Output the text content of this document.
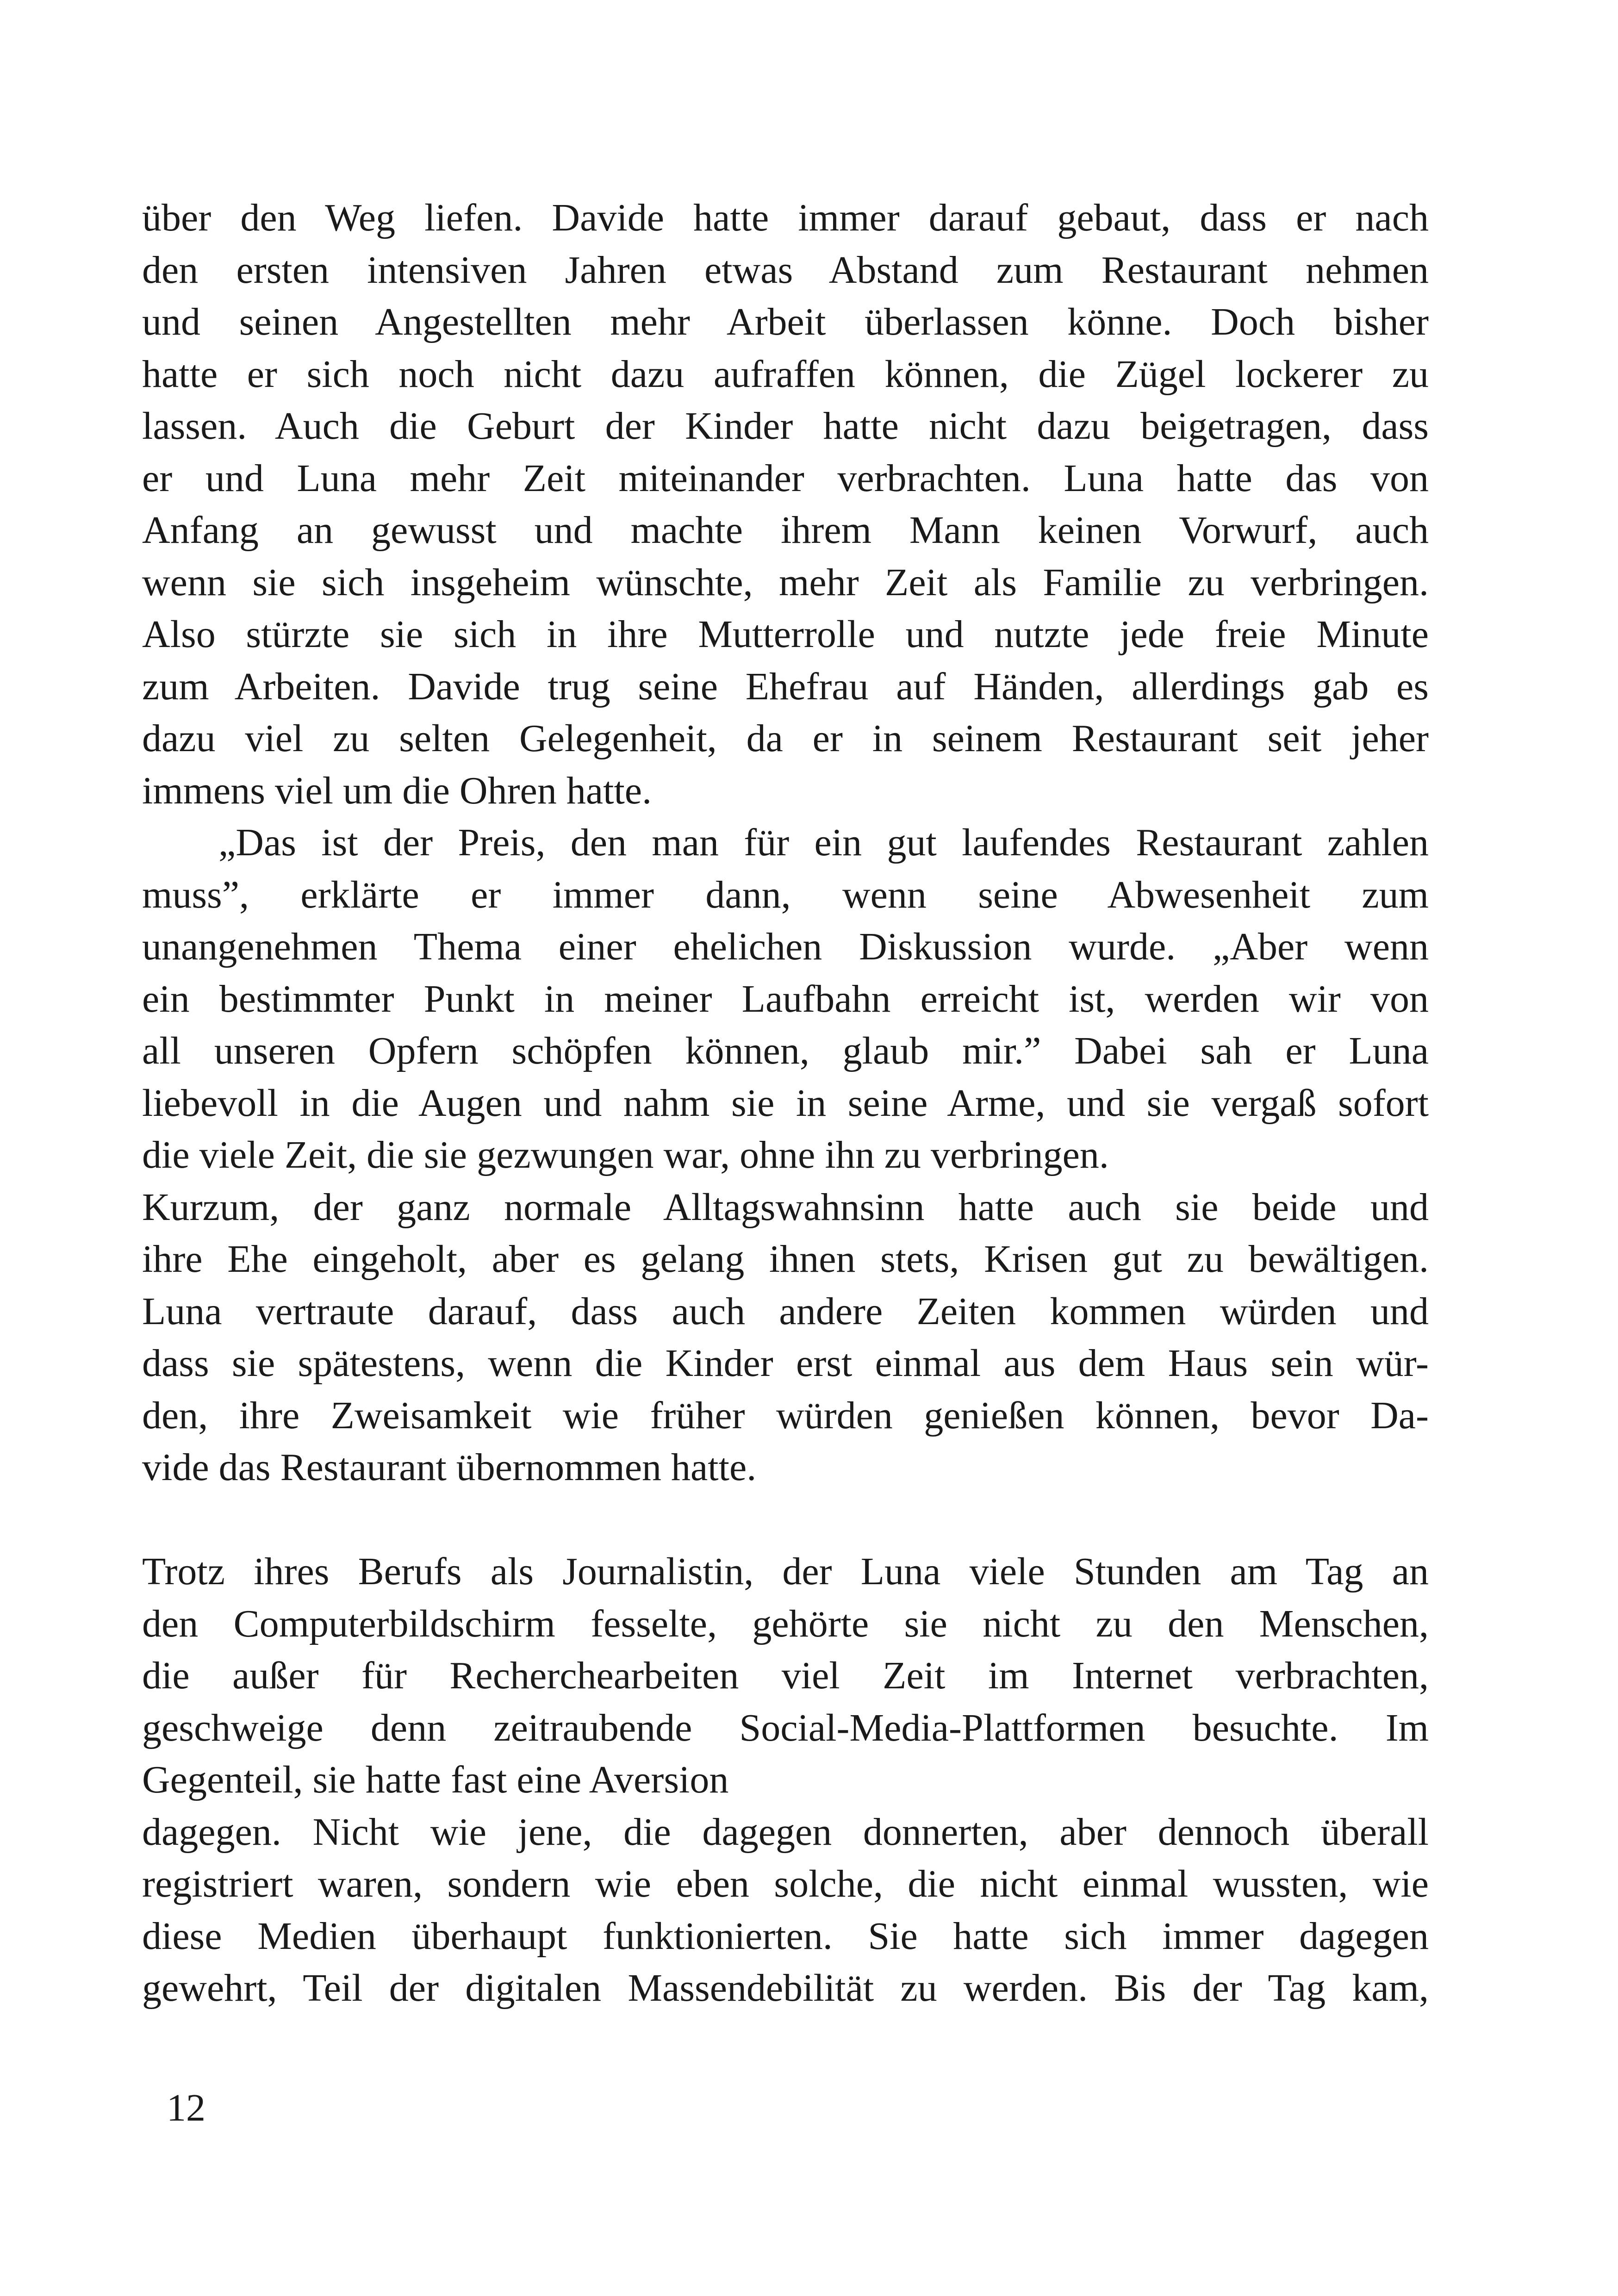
über den Weg liefen. Davide hatte immer darauf gebaut, dass er nach
den ersten intensiven Jahren etwas Abstand zum Restaurant nehmen
und seinen Angestellten mehr Arbeit überlassen könne. Doch bisher
hatte er sich noch nicht dazu aufraffen können, die Zügel lockerer zu
lassen. Auch die Geburt der Kinder hatte nicht dazu beigetragen, dass
er und Luna mehr Zeit miteinander verbrachten. Luna hatte das von
Anfang an gewusst und machte ihrem Mann keinen Vorwurf, auch
wenn sie sich insgeheim wünschte, mehr Zeit als Familie zu verbringen.
Also stürzte sie sich in ihre Mutterrolle und nutzte jede freie Minute
zum Arbeiten. Davide trug seine Ehefrau auf Händen, allerdings gab es
dazu viel zu selten Gelegenheit, da er in seinem Restaurant seit jeher
immens viel um die Ohren hatte.
„Das ist der Preis, den man für ein gut laufendes Restaurant zahlen
muss”, erklärte er immer dann, wenn seine Abwesenheit zum
unangenehmen Thema einer ehelichen Diskussion wurde. „Aber wenn
ein bestimmter Punkt in meiner Laufbahn erreicht ist, werden wir von
all unseren Opfern schöpfen können, glaub mir.” Dabei sah er Luna
liebevoll in die Augen und nahm sie in seine Arme, und sie vergaß sofort
die viele Zeit, die sie gezwungen war, ohne ihn zu verbringen.
Kurzum, der ganz normale Alltagswahnsinn hatte auch sie beide und
ihre Ehe eingeholt, aber es gelang ihnen stets, Krisen gut zu bewältigen.
Luna vertraute darauf, dass auch andere Zeiten kommen würden und
dass sie spätestens, wenn die Kinder erst einmal aus dem Haus sein wür-
den, ihre Zweisamkeit wie früher würden genießen können, bevor Da-
vide das Restaurant übernommen hatte.
Trotz ihres Berufs als Journalistin, der Luna viele Stunden am Tag an
den Computerbildschirm fesselte, gehörte sie nicht zu den Menschen,
die außer für Recherchearbeiten viel Zeit im Internet verbrachten,
geschweige denn zeitraubende Social-Media-Plattformen besuchte. Im
Gegenteil, sie hatte fast eine Aversion
dagegen. Nicht wie jene, die dagegen donnerten, aber dennoch überall
registriert waren, sondern wie eben solche, die nicht einmal wussten, wie
diese Medien überhaupt funktionierten. Sie hatte sich immer dagegen
gewehrt, Teil der digitalen Massendebilität zu werden. Bis der Tag kam,
12
